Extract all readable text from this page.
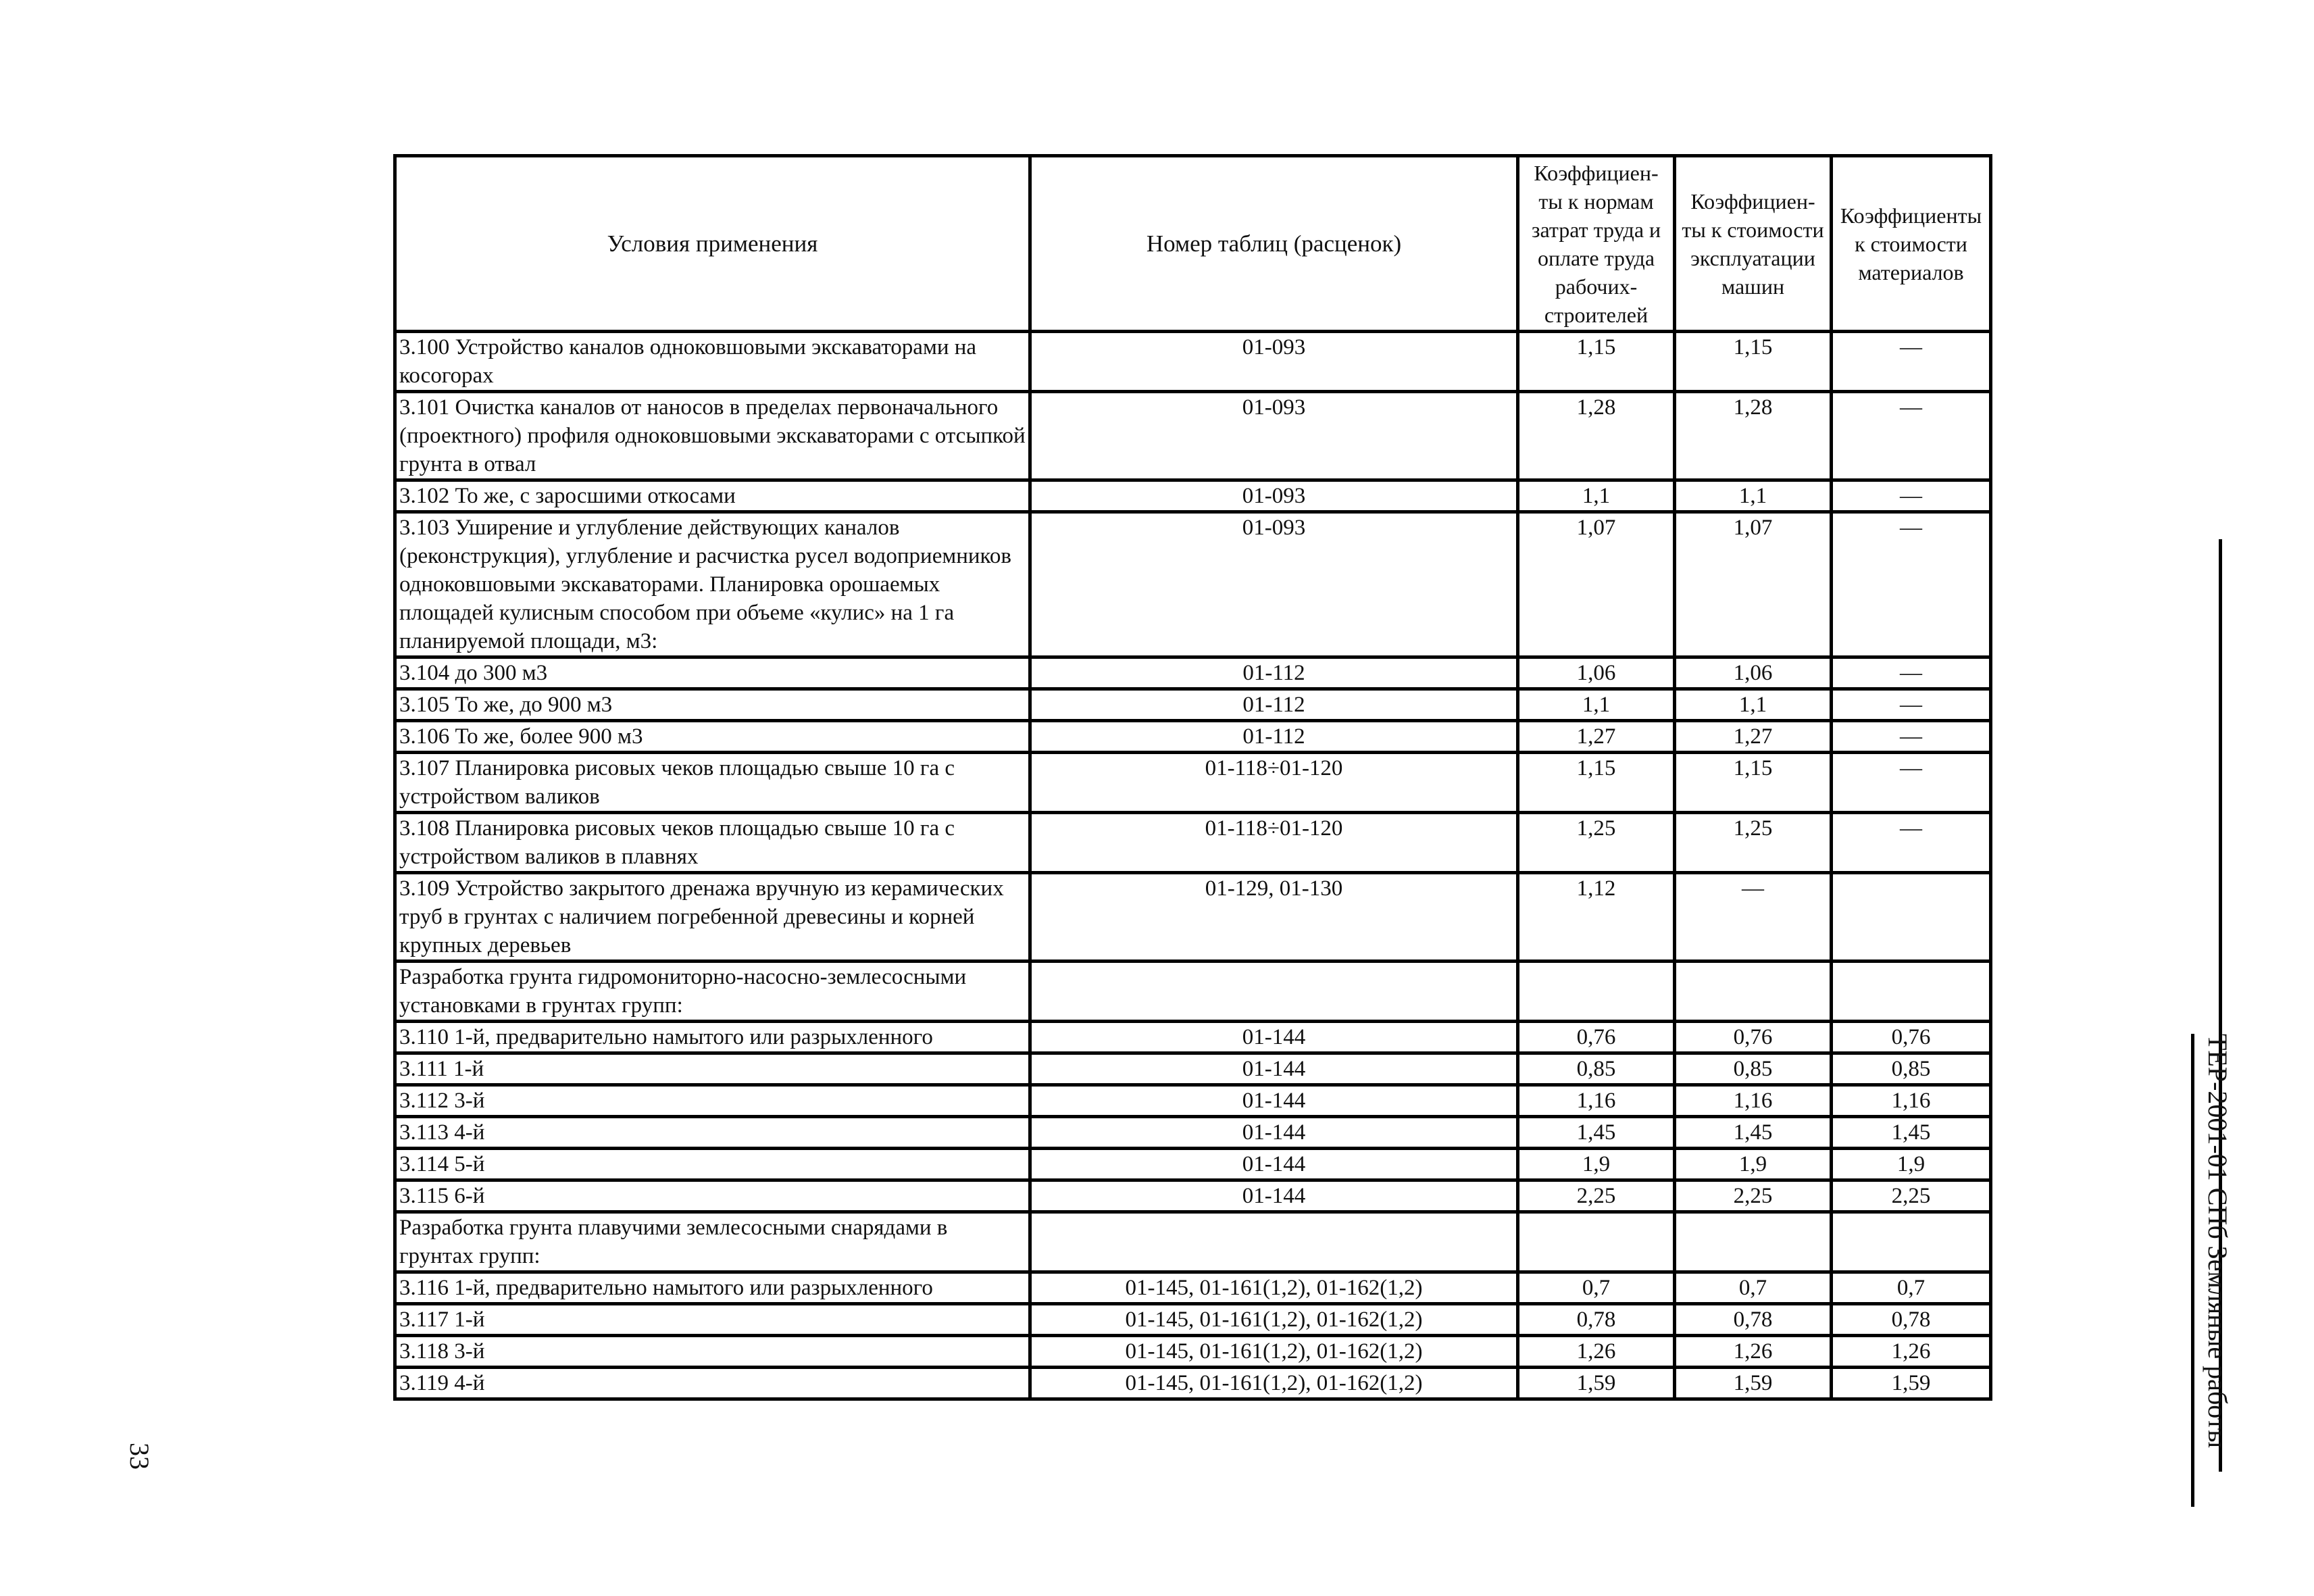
Условия применения	Номер таблиц (расценок)	Коэффициен-ты к нормам затрат труда и оплате труда рабочих-строителей	Коэффициен-ты к стоимости эксплуатации машин	Коэффициенты к стоимости материалов
3.100 Устройство каналов одноковшовыми экскаваторами на косогорах	01-093	1,15	1,15	—
3.101 Очистка каналов от наносов в пределах первоначального (проектного) профиля одноковшовыми экскаваторами с отсыпкой грунта в отвал	01-093	1,28	1,28	—
3.102 То же, с заросшими откосами	01-093	1,1	1,1	—
3.103 Уширение и углубление действующих каналов (реконструкция), углубление и расчистка русел водоприемников одноковшовыми экскаваторами. Планировка орошаемых площадей кулисным способом при объеме «кулис» на 1 га планируемой площади, м3:	01-093	1,07	1,07	—
3.104 до 300 м3	01-112	1,06	1,06	—
3.105 То же, до 900 м3	01-112	1,1	1,1	—
3.106 То же, более 900 м3	01-112	1,27	1,27	—
3.107 Планировка рисовых чеков площадью свыше 10 га с устройством валиков	01-118÷01-120	1,15	1,15	—
3.108 Планировка рисовых чеков площадью свыше 10 га с устройством валиков в плавнях	01-118÷01-120	1,25	1,25	—
3.109 Устройство закрытого дренажа вручную из керамических труб в грунтах с наличием погребенной древесины и корней крупных деревьев	01-129, 01-130	1,12	—	
Разработка грунта гидромониторно-насосно-землесосными установками в грунтах групп:				
3.110 1-й, предварительно намытого или разрыхленного	01-144	0,76	0,76	0,76
3.111 1-й	01-144	0,85	0,85	0,85
3.112 3-й	01-144	1,16	1,16	1,16
3.113 4-й	01-144	1,45	1,45	1,45
3.114 5-й	01-144	1,9	1,9	1,9
3.115 6-й	01-144	2,25	2,25	2,25
Разработка грунта плавучими землесосными снарядами в грунтах групп:				
3.116 1-й, предварительно намытого или разрыхленного	01-145, 01-161(1,2), 01-162(1,2)	0,7	0,7	0,7
3.117 1-й	01-145, 01-161(1,2), 01-162(1,2)	0,78	0,78	0,78
3.118 3-й	01-145, 01-161(1,2), 01-162(1,2)	1,26	1,26	1,26
3.119 4-й	01-145, 01-161(1,2), 01-162(1,2)	1,59	1,59	1,59	ТЕР-2001-01 СПб Земляные работы
33
